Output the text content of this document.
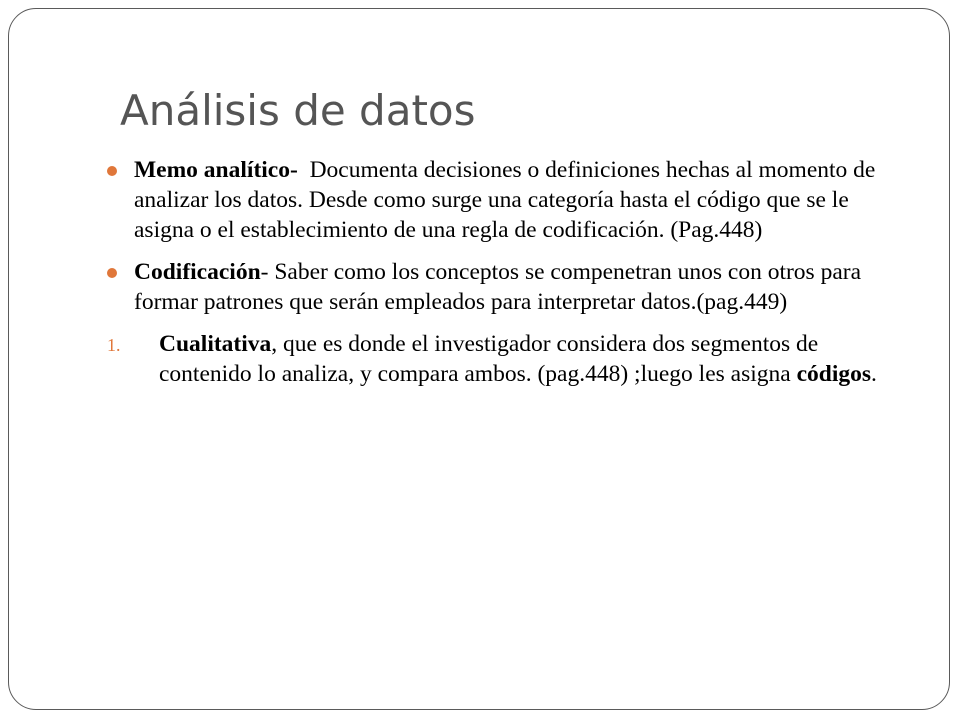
Análisis de datos
Memo analítico-  Documenta decisiones o definiciones hechas al momento de analizar los datos. Desde como surge una categoría hasta el código que se le asigna o el establecimiento de una regla de codificación. (Pag.448)
Codificación- Saber como los conceptos se compenetran unos con otros para formar patrones que serán empleados para interpretar datos.(pag.449)
1. Cualitativa, que es donde el investigador considera dos segmentos de contenido lo analiza, y compara ambos. (pag.448) ;luego les asigna códigos.
